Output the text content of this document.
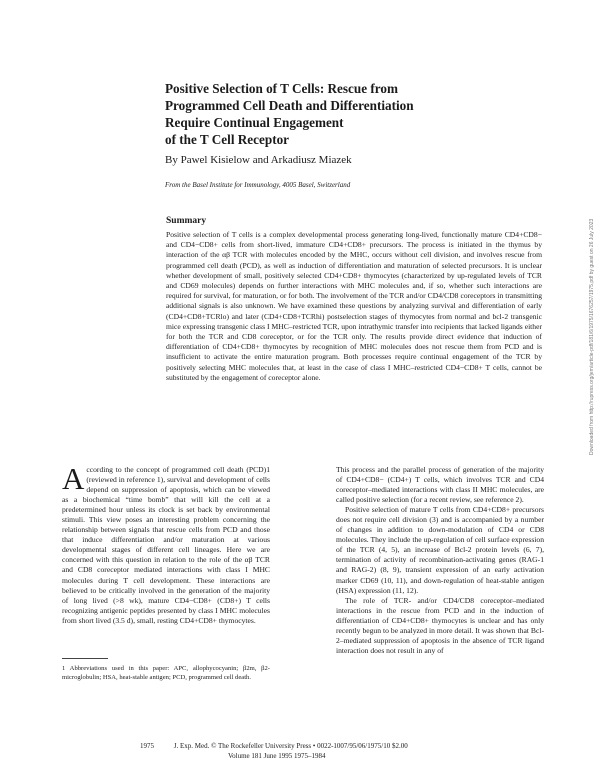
Positive Selection of T Cells: Rescue from
Programmed Cell Death and Differentiation
Require Continual Engagement
of the T Cell Receptor
By Pawel Kisielow and Arkadiusz Miazek
From the Basel Institute for Immunology, 4005 Basel, Switzerland
Summary

Positive selection of T cells is a complex developmental process generating long-lived, functionally mature CD4+CD8− and CD4−CD8+ cells from short-lived, immature CD4+CD8+ precursors. The process is initiated in the thymus by interaction of the αβ TCR with molecules encoded by the MHC, occurs without cell division, and involves rescue from programmed cell death (PCD), as well as induction of differentiation and maturation of selected precursors. It is unclear whether development of small, positively selected CD4+CD8+ thymocytes (characterized by up-regulated levels of TCR and CD69 molecules) depends on further interactions with MHC molecules and, if so, whether such interactions are required for survival, for maturation, or for both. The involvement of the TCR and/or CD4/CD8 coreceptors in transmitting additional signals is also unknown. We have examined these questions by analyzing survival and differentiation of early (CD4+CD8+TCRlo) and later (CD4+CD8+TCRhi) postselection stages of thymocytes from normal and bcl-2 transgenic mice expressing transgenic class I MHC–restricted TCR, upon intrathymic transfer into recipients that lacked ligands either for both the TCR and CD8 coreceptor, or for the TCR only. The results provide direct evidence that induction of differentiation of CD4+CD8+ thymocytes by recognition of MHC molecules does not rescue them from PCD and is insufficient to activate the entire maturation program. Both processes require continual engagement of the TCR by positively selecting MHC molecules that, at least in the case of class I MHC–restricted CD4−CD8+ T cells, cannot be substituted by the engagement of coreceptor alone.

According to the concept of programmed cell death (PCD)1 (reviewed in reference 1), survival and development of cells depend on suppression of apoptosis, which can be viewed as a biochemical “time bomb” that will kill the cell at a predetermined hour unless its clock is set back by environmental stimuli. This view poses an interesting problem concerning the relationship between signals that rescue cells from PCD and those that induce differentiation and/or maturation at various developmental stages of different cell lineages. Here we are concerned with this question in relation to the role of the αβ TCR and CD8 coreceptor mediated interactions with class I MHC molecules during T cell development. These interactions are believed to be critically involved in the generation of the majority of long lived (>8 wk), mature CD4−CD8+ (CD8+) T cells recognizing antigenic peptides presented by class I MHC molecules from short lived (3.5 d), small, resting CD4+CD8+ thymocytes.

This process and the parallel process of generation of the majority of CD4+CD8− (CD4+) T cells, which involves TCR and CD4 coreceptor–mediated interactions with class II MHC molecules, are called positive selection (for a recent review, see reference 2).

Positive selection of mature T cells from CD4+CD8+ precursors does not require cell division (3) and is accompanied by a number of changes in addition to down-modulation of CD4 or CD8 molecules. They include the up-regulation of cell surface expression of the TCR (4, 5), an increase of Bcl-2 protein levels (6, 7), termination of activity of recombination-activating genes (RAG-1 and RAG-2) (8, 9), transient expression of an early activation marker CD69 (10, 11), and down-regulation of heat-stable antigen (HSA) expression (11, 12).

The role of TCR- and/or CD4/CD8 coreceptor–mediated interactions in the rescue from PCD and in the induction of differentiation of CD4+CD8+ thymocytes is unclear and has only recently begun to be analyzed in more detail. It was shown that Bcl-2–mediated suppression of apoptosis in the absence of TCR ligand interaction does not result in any of

1 Abbreviations used in this paper: APC, allophycocyanin; β2m, β2-microglobulin; HSA, heat-stable antigen; PCD, programmed cell death.

1975	J. Exp. Med. © The Rockefeller University Press • 0022-1007/95/06/1975/10 $2.00
Volume 181 June 1995 1975–1984
Downloaded from http://rupress.org/jem/article-pdf/181/6/1975/1676257/1975.pdf by guest on 26 July 2023
